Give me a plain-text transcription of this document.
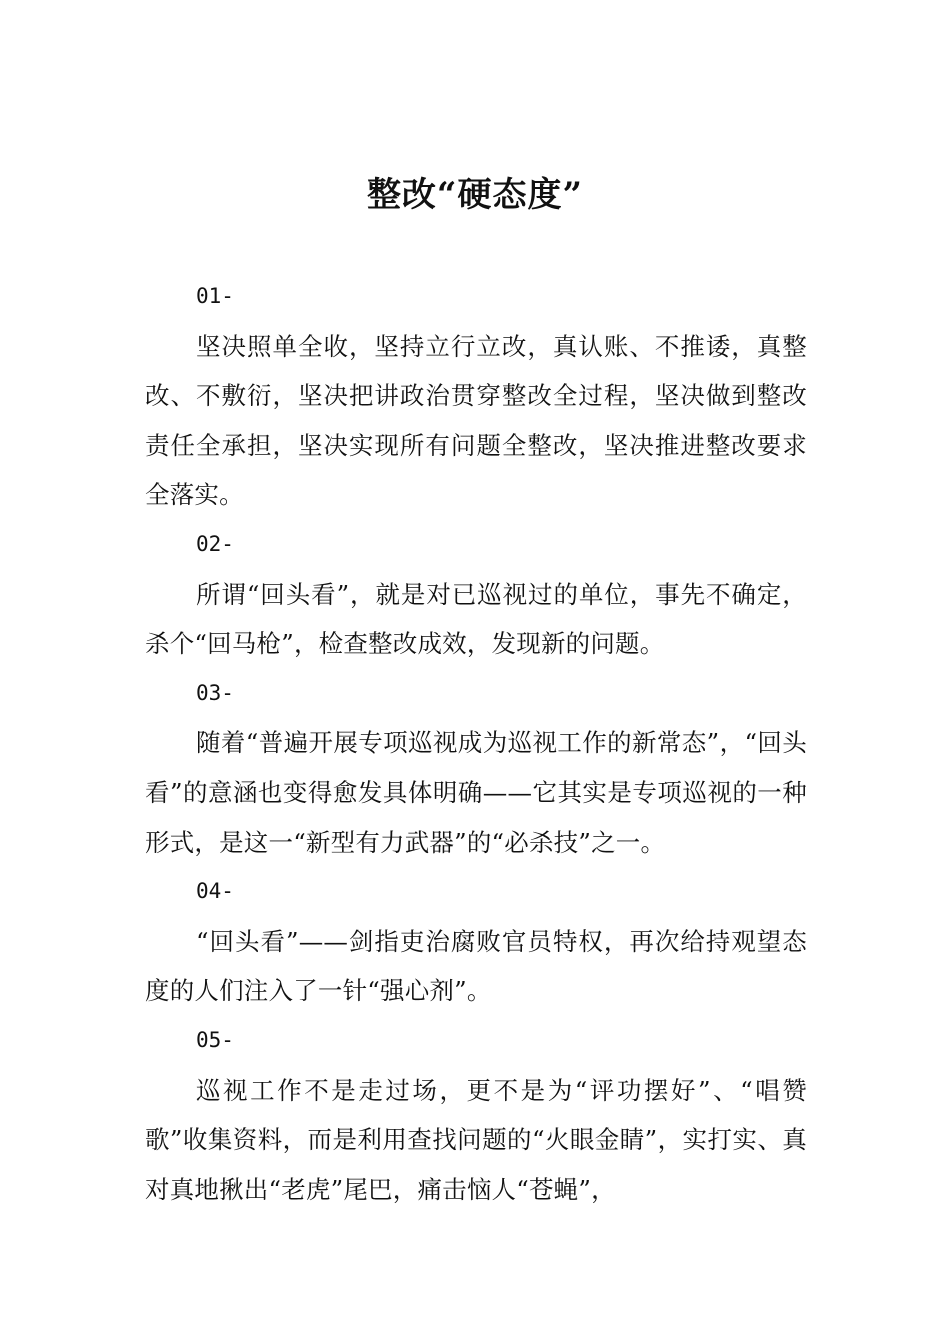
整改“硬态度”

01-

坚决照单全收，坚持立行立改，真认账、不推诿，真整改、不敷衍，坚决把讲政治贯穿整改全过程，坚决做到整改责任全承担，坚决实现所有问题全整改，坚决推进整改要求全落实。

02-

所谓“回头看”，就是对已巡视过的单位，事先不确定，杀个“回马枪”，检查整改成效，发现新的问题。

03-

随着“普遍开展专项巡视成为巡视工作的新常态”，“回头看”的意涵也变得愈发具体明确——它其实是专项巡视的一种形式，是这一“新型有力武器”的“必杀技”之一。

04-

“回头看”——剑指吏治腐败官员特权，再次给持观望态度的人们注入了一针“强心剂”。

05-

巡视工作不是走过场，更不是为“评功摆好”、“唱赞歌”收集资料，而是利用查找问题的“火眼金睛”，实打实、真对真地揪出“老虎”尾巴，痛击恼人“苍蝇”，
